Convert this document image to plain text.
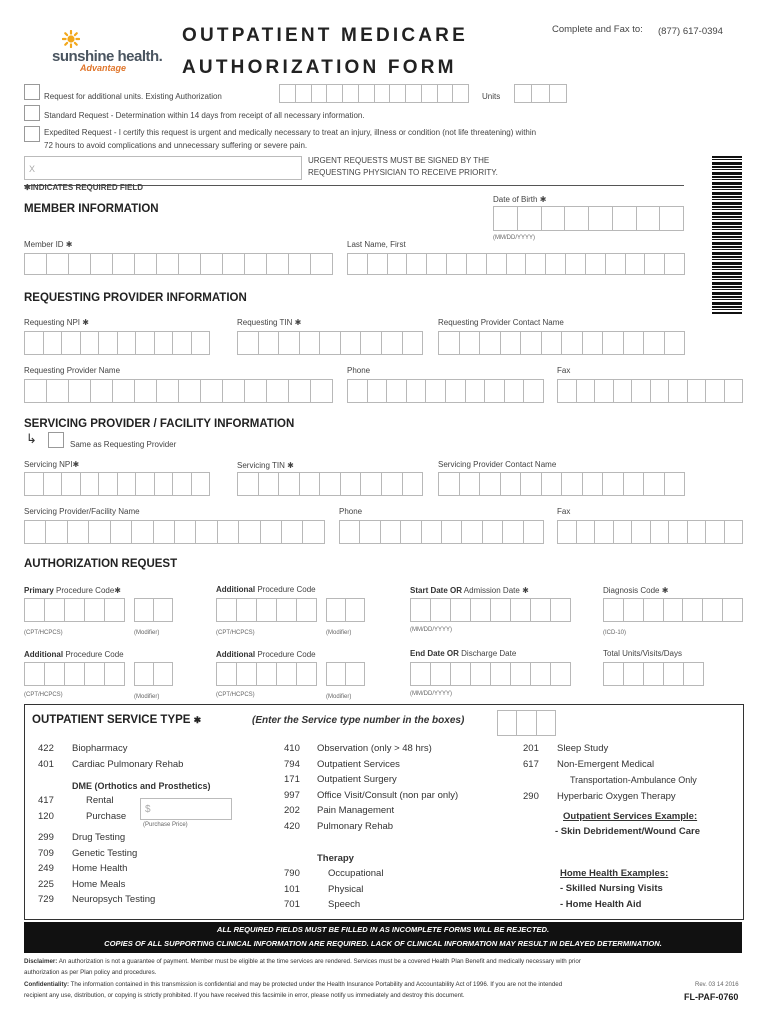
sunshine health.
Advantage
OUTPATIENT MEDICARE
AUTHORIZATION FORM
Complete and Fax to: (877) 617-0394
Request for additional units. Existing Authorization	Units
Standard Request - Determination within 14 days from receipt of all necessary information.
Expedited Request - I certify this request is urgent and medically necessary to treat an injury, illness or condition (not life threatening) within
72 hours to avoid complications and unnecessary suffering or severe pain.
X
URGENT REQUESTS MUST BE SIGNED BY THE
REQUESTING PHYSICIAN TO RECEIVE PRIORITY.
✱INDICATES REQUIRED FIELD
MEMBER INFORMATION
Date of Birth ✱
(MM/DD/YYYY)
Member ID ✱	Last Name, First
REQUESTING PROVIDER INFORMATION
Requesting NPI ✱	Requesting TIN ✱	Requesting Provider Contact Name
Requesting Provider Name	Phone	Fax
SERVICING PROVIDER / FACILITY INFORMATION
↳	Same as Requesting Provider
Servicing NPI✱	Servicing TIN ✱	Servicing Provider Contact Name
Servicing Provider/Facility Name	Phone	Fax
AUTHORIZATION REQUEST
Primary Procedure Code✱	Additional Procedure Code	Start Date OR Admission Date ✱	Diagnosis Code ✱
(CPT/HCPCS)	(Modifier)	(CPT/HCPCS)	(Modifier)	(MM/DD/YYYY)	(ICD-10)
Additional Procedure Code	Additional Procedure Code	End Date OR Discharge Date	Total Units/Visits/Days
(CPT/HCPCS)	(Modifier)	(CPT/HCPCS)	(Modifier)	(MM/DD/YYYY)
OUTPATIENT SERVICE TYPE ✱	(Enter the Service type number in the boxes)
422	Biopharmacy
401	Cardiac Pulmonary Rehab
DME (Orthotics and Prosthetics)
417	Rental
120	Purchase
$
(Purchase Price)
299	Drug Testing
709	Genetic Testing
249	Home Health
225	Home Meals
729	Neuropsych Testing
410	Observation (only > 48 hrs)
794	Outpatient Services
171	Outpatient Surgery
997	Office Visit/Consult (non par only)
202	Pain Management
420	Pulmonary Rehab
Therapy
790	Occupational
101	Physical
701	Speech
201	Sleep Study
617	Non-Emergent Medical
Transportation-Ambulance Only
290	Hyperbaric Oxygen Therapy
Outpatient Services Example:
- Skin Debridement/Wound Care
Home Health Examples:
- Skilled Nursing Visits
- Home Health Aid
ALL REQUIRED FIELDS MUST BE FILLED IN AS INCOMPLETE FORMS WILL BE REJECTED.
COPIES OF ALL SUPPORTING CLINICAL INFORMATION ARE REQUIRED. LACK OF CLINICAL INFORMATION MAY RESULT IN DELAYED DETERMINATION.
Disclaimer: An authorization is not a guarantee of payment. Member must be eligible at the time services are rendered. Services must be a covered Health Plan Benefit and medically necessary with prior authorization as per Plan policy and procedures.
Confidentiality: The information contained in this transmission is confidential and may be protected under the Health Insurance Portability and Accountability Act of 1996. If you are not the intended recipient any use, distribution, or copying is strictly prohibited. If you have received this facsimile in error, please notify us immediately and destroy this document.
Rev. 03 14 2016
FL-PAF-0760
